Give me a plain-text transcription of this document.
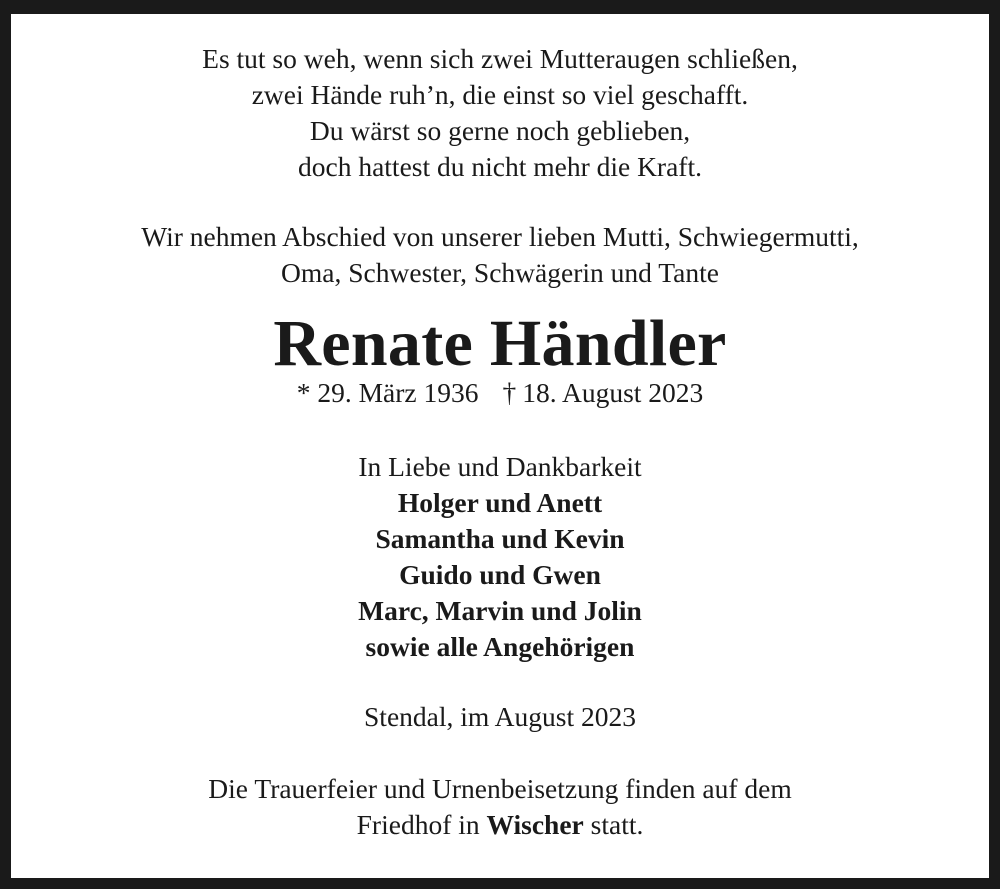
Es tut so weh, wenn sich zwei Mutteraugen schließen,
zwei Hände ruh’n, die einst so viel geschafft.
Du wärst so gerne noch geblieben,
doch hattest du nicht mehr die Kraft.
Wir nehmen Abschied von unserer lieben Mutti, Schwiegermutti,
Oma, Schwester, Schwägerin und Tante
Renate Händler
* 29. März 1936 † 18. August 2023
In Liebe und Dankbarkeit
Holger und Anett
Samantha und Kevin
Guido und Gwen
Marc, Marvin und Jolin
sowie alle Angehörigen
Stendal, im August 2023
Die Trauerfeier und Urnenbeisetzung finden auf dem
Friedhof in Wischer statt.
